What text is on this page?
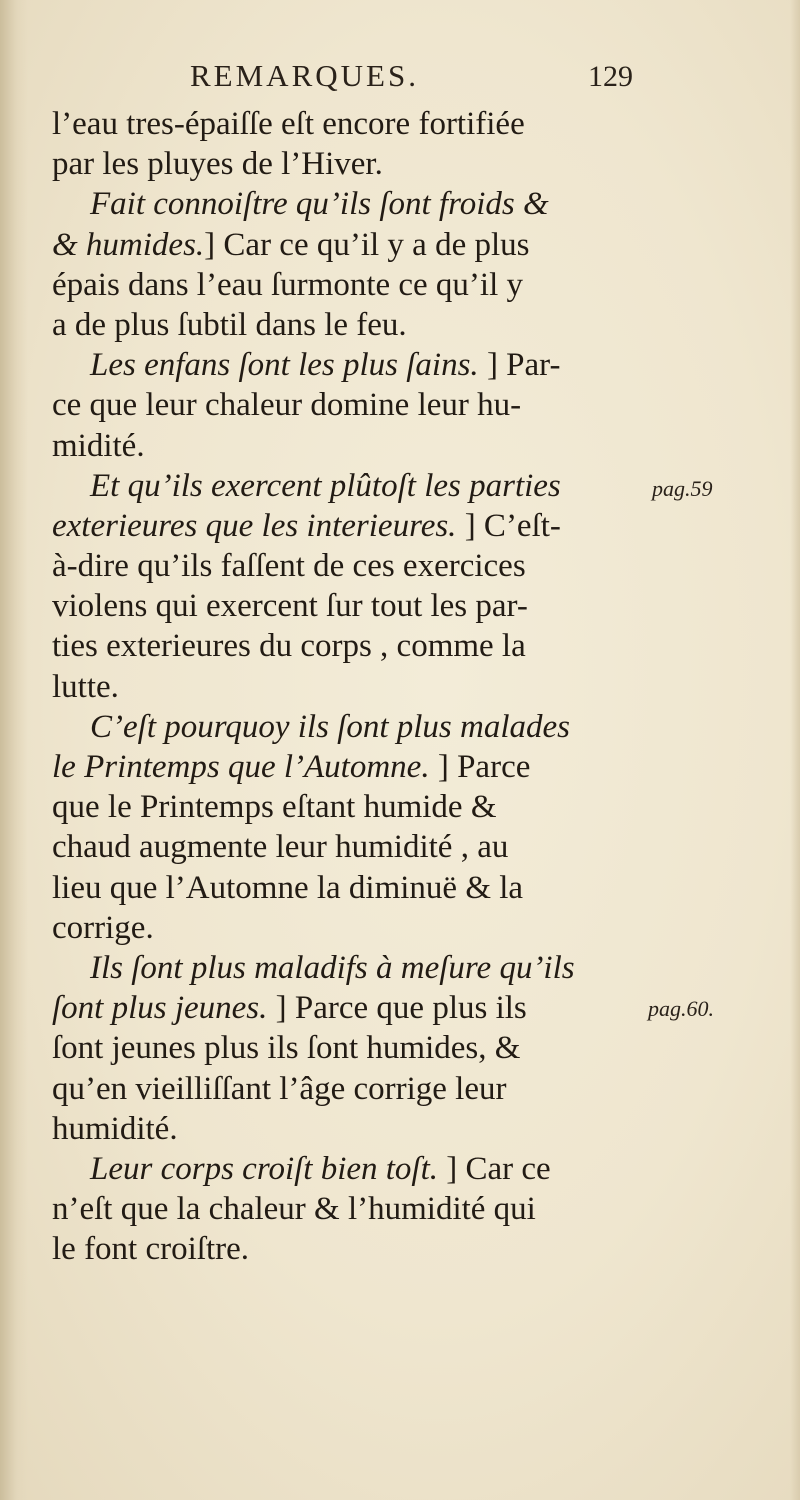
REMARQUES.	129
l’eau tres-épaiſſe eſt encore fortifiée
par les pluyes de l’Hiver.
Fait connoiſtre qu’ils ſont froids &
& humides.] Car ce qu’il y a de plus
épais dans l’eau ſurmonte ce qu’il y
a de plus ſubtil dans le feu.
Les enfans ſont les plus ſains. ] Par-
ce que leur chaleur domine leur hu-
midité.
Et qu’ils exercent plûtoſt les parties
exterieures que les interieures. ] C’eſt-
à-dire qu’ils faſſent de ces exercices
violens qui exercent ſur tout les par-
ties exterieures du corps , comme la
lutte.
C’eſt pourquoy ils ſont plus malades
le Printemps que l’Automne. ] Parce
que le Printemps eſtant humide &
chaud augmente leur humidité , au
lieu que l’Automne la diminuë & la
corrige.
Ils ſont plus maladifs à meſure qu’ils
ſont plus jeunes. ] Parce que plus ils
ſont jeunes plus ils ſont humides, &
qu’en vieilliſſant l’âge corrige leur
humidité.
Leur corps croiſt bien toſt. ] Car ce
n’eſt que la chaleur & l’humidité qui
le font croiſtre.
pag.59
pag.60.
